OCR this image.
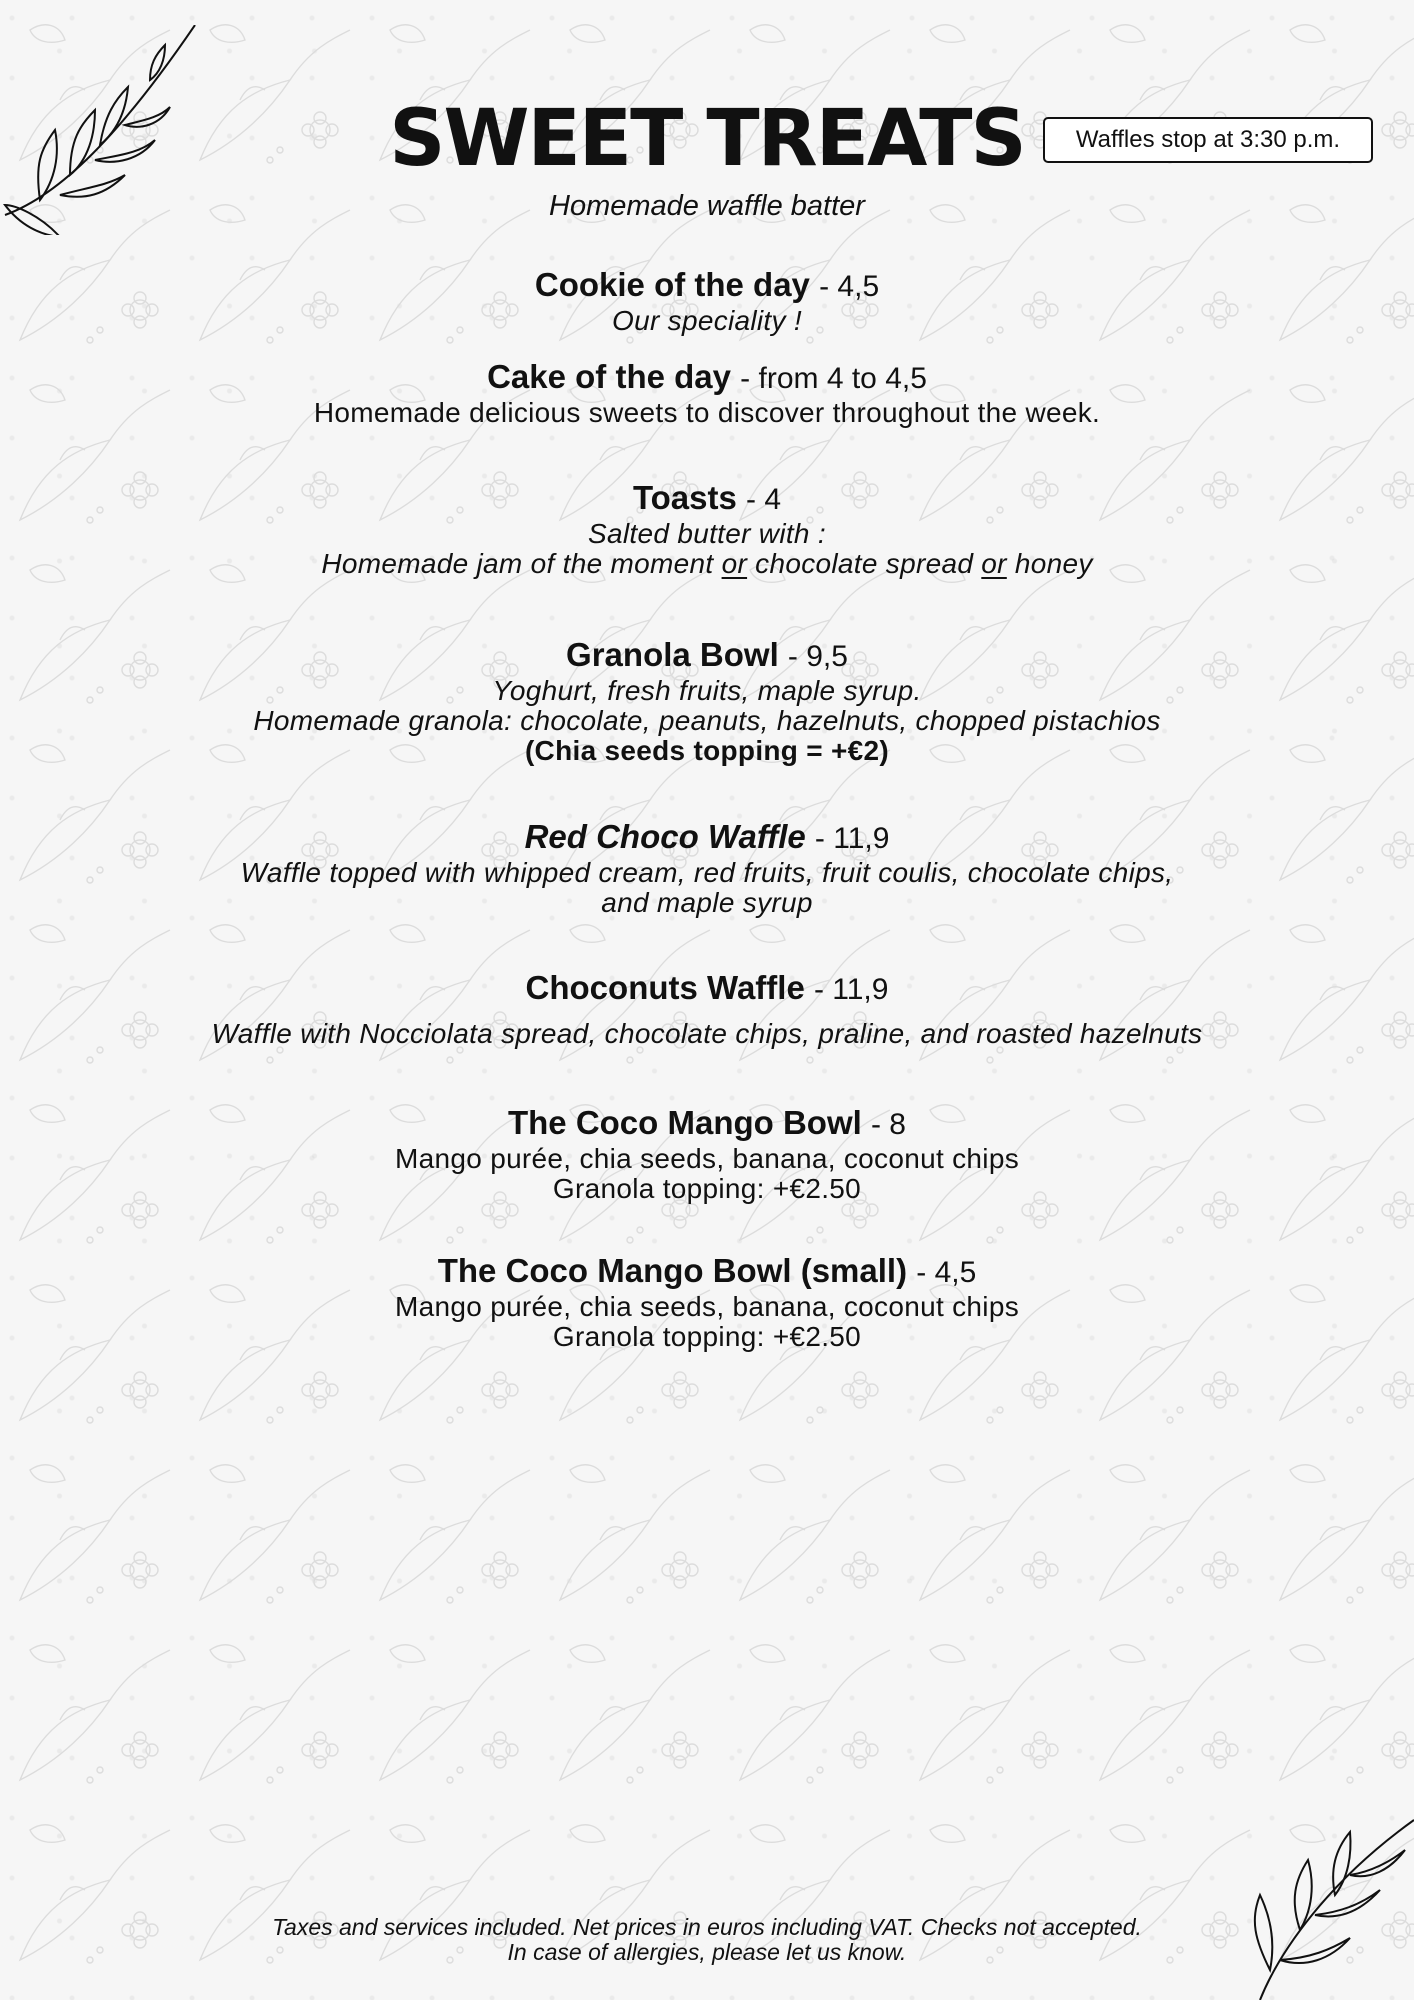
SWEET TREATS
Homemade waffle batter
Waffles stop at 3:30 p.m.
Cookie of the day - 4,5
Our speciality !
Cake of the day - from 4 to 4,5
Homemade delicious sweets to discover throughout the week.
Toasts - 4
Salted butter with :
Homemade jam of the moment or chocolate spread or honey
Granola Bowl - 9,5
Yoghurt, fresh fruits, maple syrup.
Homemade granola: chocolate, peanuts, hazelnuts, chopped pistachios
(Chia seeds topping = +€2)
Red Choco Waffle - 11,9
Waffle topped with whipped cream, red fruits, fruit coulis, chocolate chips,
and maple syrup
Choconuts Waffle - 11,9
Waffle with Nocciolata spread, chocolate chips, praline, and roasted hazelnuts
The Coco Mango Bowl - 8
Mango purée, chia seeds, banana, coconut chips
Granola topping: +€2.50
The Coco Mango Bowl (small) - 4,5
Mango purée, chia seeds, banana, coconut chips
Granola topping: +€2.50
Taxes and services included. Net prices in euros including VAT. Checks not accepted.
In case of allergies, please let us know.
